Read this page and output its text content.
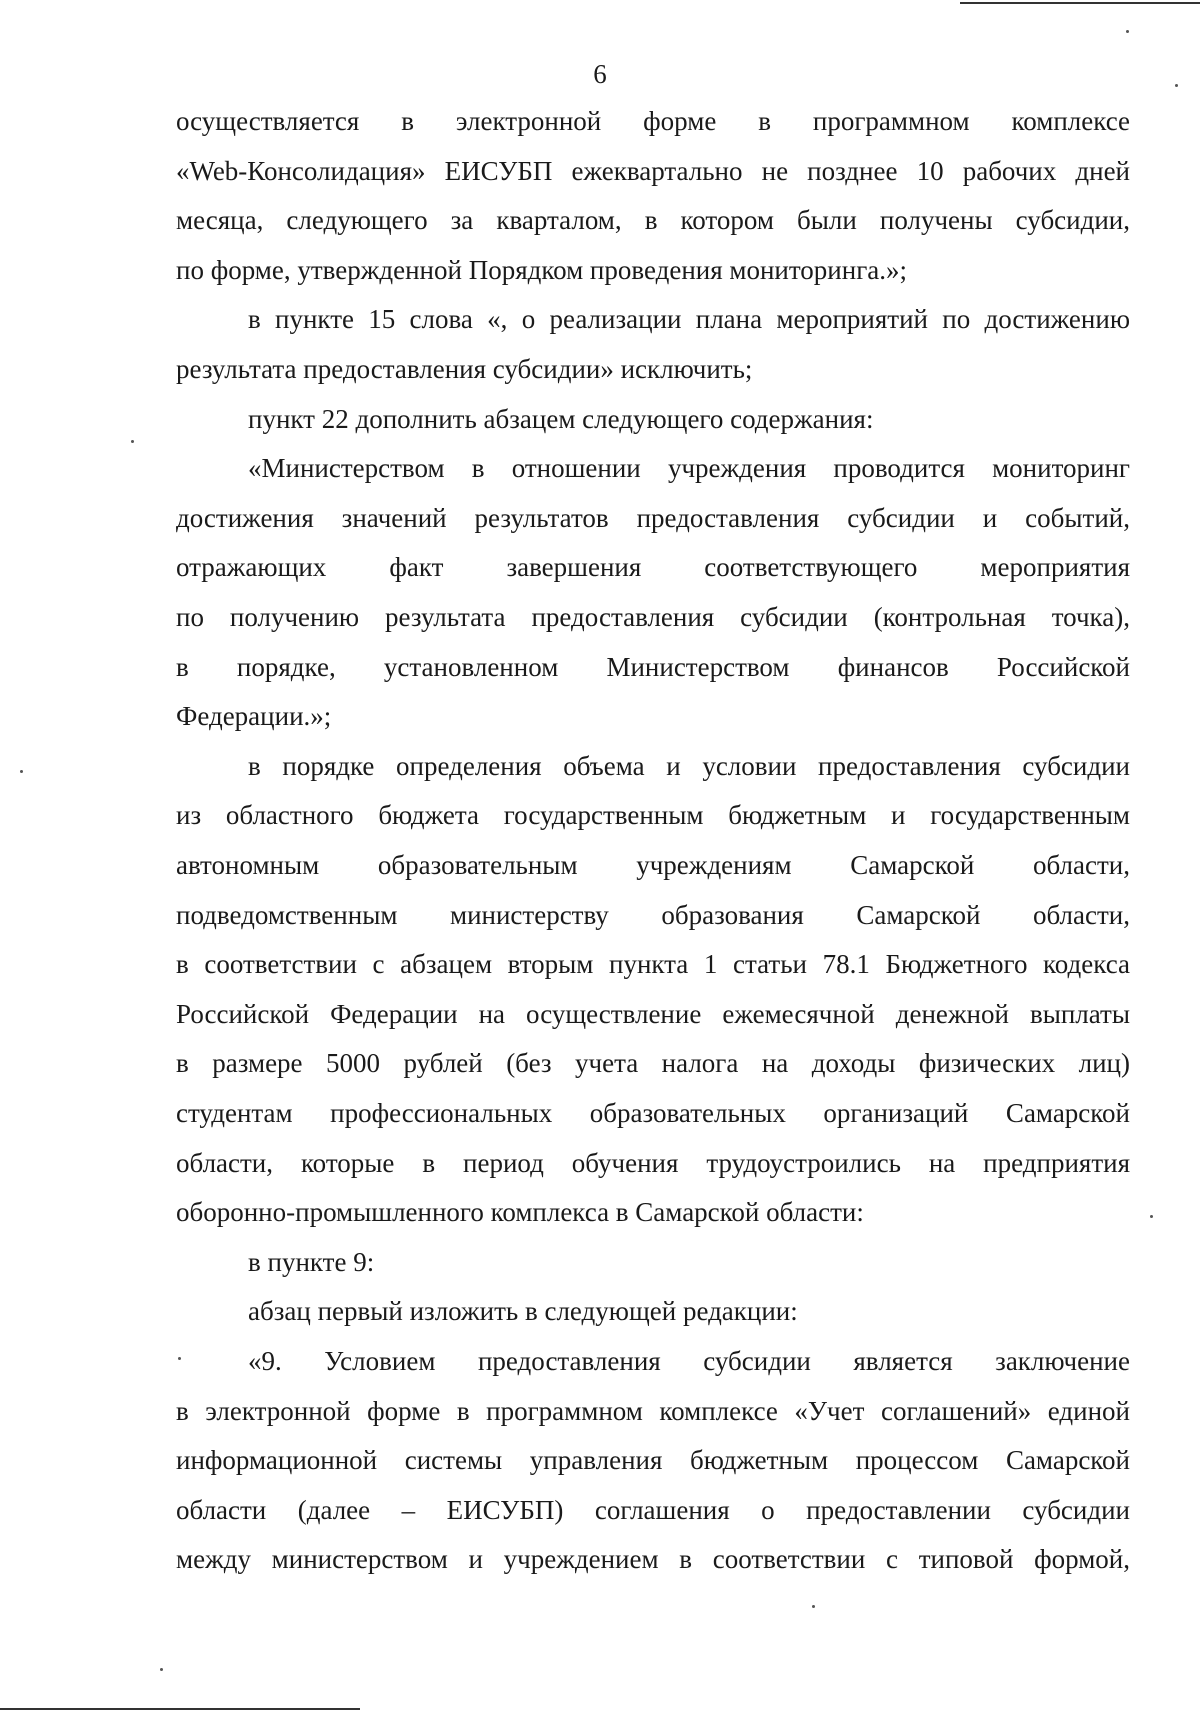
6
осуществляется в электронной форме в программном комплексе
«Web-Консолидация» ЕИСУБП ежеквартально не позднее 10 рабочих дней
месяца, следующего за кварталом, в котором были получены субсидии,
по форме, утвержденной Порядком проведения мониторинга.»;
в пункте 15 слова «, о реализации плана мероприятий по достижению
результата предоставления субсидии» исключить;
пункт 22 дополнить абзацем следующего содержания:
«Министерством в отношении учреждения проводится мониторинг
достижения значений результатов предоставления субсидии и событий,
отражающих факт завершения соответствующего мероприятия
по получению результата предоставления субсидии (контрольная точка),
в порядке, установленном Министерством финансов Российской
Федерации.»;
в порядке определения объема и условии предоставления субсидии
из областного бюджета государственным бюджетным и государственным
автономным образовательным учреждениям Самарской области,
подведомственным министерству образования Самарской области,
в соответствии с абзацем вторым пункта 1 статьи 78.1 Бюджетного кодекса
Российской Федерации на осуществление ежемесячной денежной выплаты
в размере 5000 рублей (без учета налога на доходы физических лиц)
студентам профессиональных образовательных организаций Самарской
области, которые в период обучения трудоустроились на предприятия
оборонно-промышленного комплекса в Самарской области:
в пункте 9:
абзац первый изложить в следующей редакции:
«9. Условием предоставления субсидии является заключение
в электронной форме в программном комплексе «Учет соглашений» единой
информационной системы управления бюджетным процессом Самарской
области (далее – ЕИСУБП) соглашения о предоставлении субсидии
между министерством и учреждением в соответствии с типовой формой,
